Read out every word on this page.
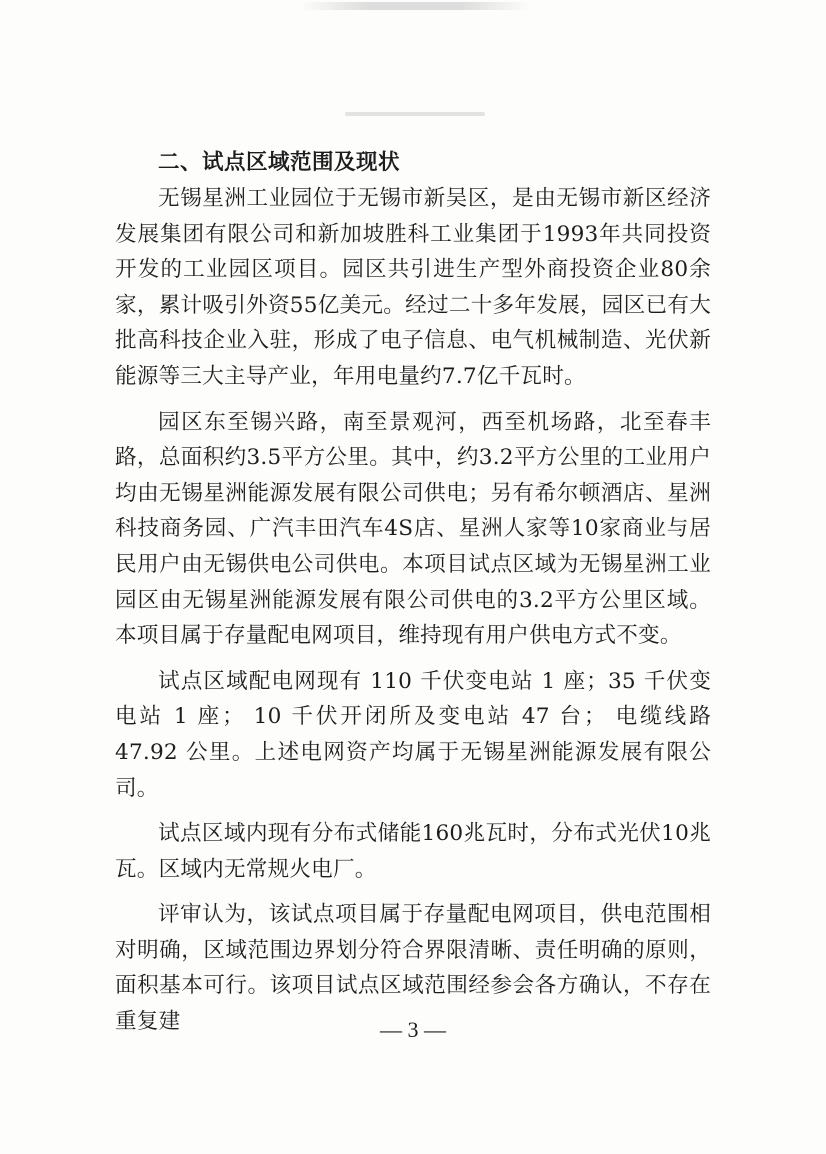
二、试点区域范围及现状

无锡星洲工业园位于无锡市新吴区，是由无锡市新区经济发展集团有限公司和新加坡胜科工业集团于1993年共同投资开发的工业园区项目。园区共引进生产型外商投资企业80余家，累计吸引外资55亿美元。经过二十多年发展，园区已有大批高科技企业入驻，形成了电子信息、电气机械制造、光伏新能源等三大主导产业，年用电量约7.7亿千瓦时。

园区东至锡兴路，南至景观河，西至机场路，北至春丰路，总面积约3.5平方公里。其中，约3.2平方公里的工业用户均由无锡星洲能源发展有限公司供电；另有希尔顿酒店、星洲科技商务园、广汽丰田汽车4S店、星洲人家等10家商业与居民用户由无锡供电公司供电。本项目试点区域为无锡星洲工业园区由无锡星洲能源发展有限公司供电的3.2平方公里区域。本项目属于存量配电网项目，维持现有用户供电方式不变。

试点区域配电网现有 110 千伏变电站 1 座；35 千伏变电站 1 座； 10 千伏开闭所及变电站 47 台； 电缆线路 47.92 公里。上述电网资产均属于无锡星洲能源发展有限公司。

试点区域内现有分布式储能160兆瓦时，分布式光伏10兆瓦。区域内无常规火电厂。

评审认为，该试点项目属于存量配电网项目，供电范围相对明确，区域范围边界划分符合界限清晰、责任明确的原则，面积基本可行。该项目试点区域范围经参会各方确认，不存在重复建	— 3 —
